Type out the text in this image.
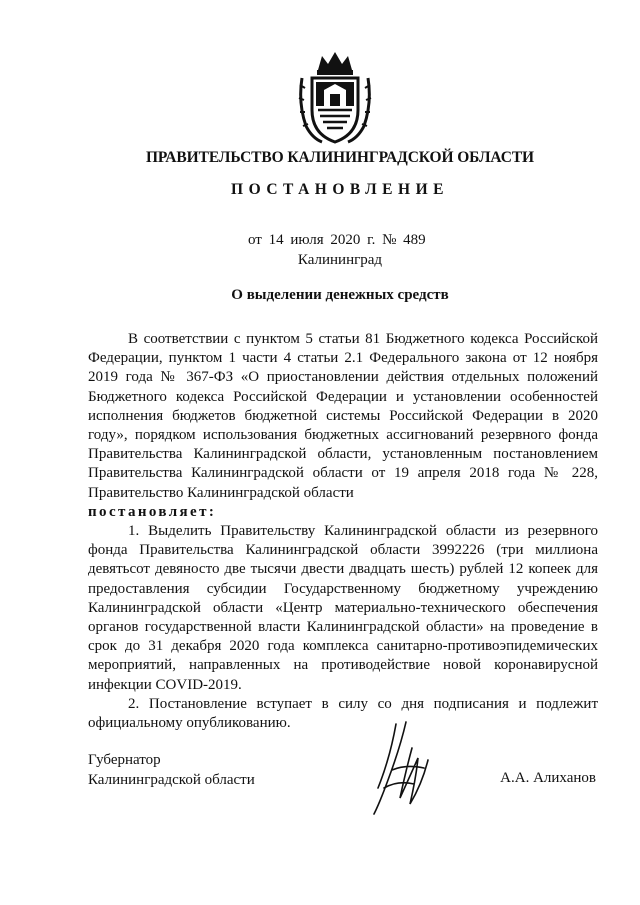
ПРАВИТЕЛЬСТВО КАЛИНИНГРАДСКОЙ ОБЛАСТИ
ПОСТАНОВЛЕНИЕ
от 14 июля 2020 г. № 489
Калининград
О выделении денежных средств

В соответствии с пунктом 5 статьи 81 Бюджетного кодекса Российской Федерации, пунктом 1 части 4 статьи 2.1 Федерального закона от 12 ноября 2019 года № 367-ФЗ «О приостановлении действия отдельных положений Бюджетного кодекса Российской Федерации и установлении особенностей исполнения бюджетов бюджетной системы Российской Федерации в 2020 году», порядком использования бюджетных ассигнований резервного фонда Правительства Калининградской области, установленным постановлением Правительства Калининградской области от 19 апреля 2018 года № 228, Правительство Калининградской области

постановляет:

1. Выделить Правительству Калининградской области из резервного фонда Правительства Калининградской области 3992226 (три миллиона девятьсот девяносто две тысячи двести двадцать шесть) рублей 12 копеек для предоставления субсидии Государственному бюджетному учреждению Калининградской области «Центр материально-технического обеспечения органов государственной власти Калининградской области» на проведение в срок до 31 декабря 2020 года комплекса санитарно-противоэпидемических мероприятий, направленных на противодействие новой коронавирусной инфекции COVID-2019.

2. Постановление вступает в силу со дня подписания и подлежит официальному опубликованию.

Губернатор
Калининградской области	А.А. Алиханов
